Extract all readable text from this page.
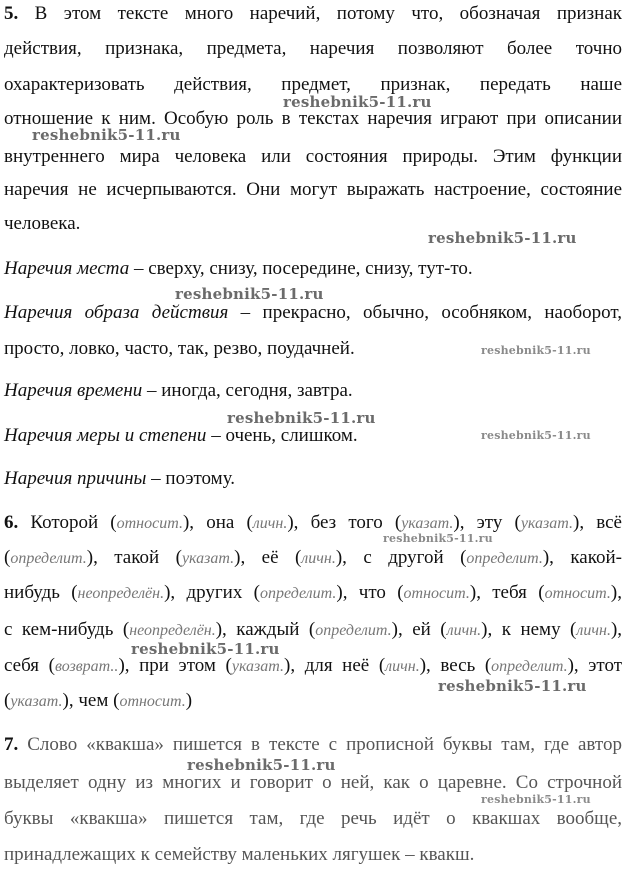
5. В этом тексте много наречий, потому что, обозначая признак
действия, признака, предмета, наречия позволяют более точно
охарактеризовать действия, предмет, признак, передать наше
отношение к ним. Особую роль в текстах наречия играют при описании
внутреннего мира человека или состояния природы. Этим функции
наречия не исчерпываются. Они могут выражать настроение, состояние
человека.
Наречия места – сверху, снизу, посередине, снизу, тут-то.
Наречия образа действия – прекрасно, обычно, особняком, наоборот,
просто, ловко, часто, так, резво, поудачней.
Наречия времени – иногда, сегодня, завтра.
Наречия меры и степени – очень, слишком.
Наречия причины – поэтому.
6. Которой (относит.), она (личн.), без того (указат.), эту (указат.), всё
(определит.), такой (указат.), её (личн.), с другой (определит.), какой-
нибудь (неопределён.), других (определит.), что (относит.), тебя (относит.),
с кем-нибудь (неопределён.), каждый (определит.), ей (личн.), к нему (личн.),
себя (возврат..), при этом (указат.), для неё (личн.), весь (определит.), этот
(указат.), чем (относит.)
7. Слово «квакша» пишется в тексте с прописной буквы там, где автор
выделяет одну из многих и говорит о ней, как о царевне. Со строчной
буквы «квакша» пишется там, где речь идёт о квакшах вообще,
принадлежащих к семейству маленьких лягушек – квакш.
reshebnik5-11.ru
reshebnik5-11.ru
reshebnik5-11.ru
reshebnik5-11.ru
reshebnik5-11.ru
reshebnik5-11.ru
reshebnik5-11.ru
reshebnik5-11.ru
reshebnik5-11.ru
reshebnik5-11.ru
reshebnik5-11.ru
reshebnik5-11.ru
